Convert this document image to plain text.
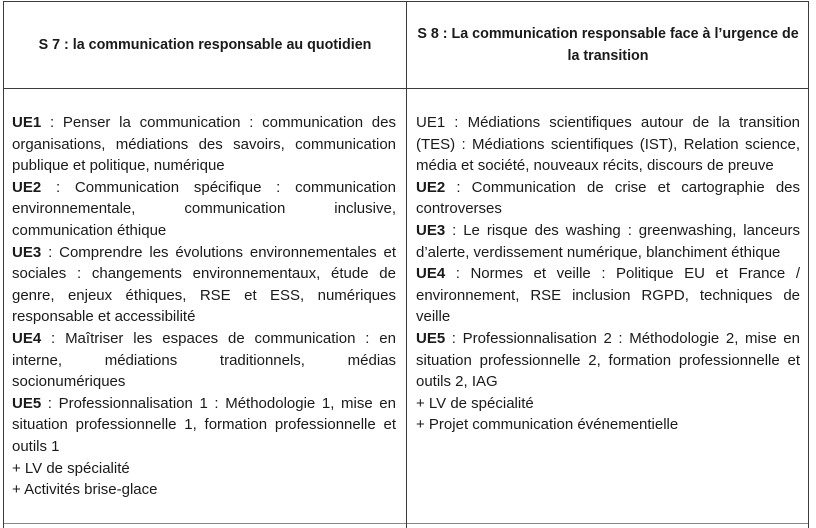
S 7 : la communication responsable au quotidien
S 8 : La communication responsable face à l’urgence de la transition

UE1 : Penser la communication : communication des organisations, médiations des savoirs, communication publique et politique, numérique

UE2 : Communication spécifique : communication environnementale, communication inclusive, communication éthique

UE3 : Comprendre les évolutions environnementales et sociales : changements environnementaux, étude de genre, enjeux éthiques, RSE et ESS, numériques responsable et accessibilité

UE4 : Maîtriser les espaces de communication : en interne, médiations traditionnels, médias socionumériques

UE5 : Professionnalisation 1 : Méthodologie 1, mise en situation professionnelle 1, formation professionnelle et outils 1

+ LV de spécialité

+ Activités brise-glace

UE1 : Médiations scientifiques autour de la transition (TES) : Médiations scientifiques (IST), Relation science, média et société, nouveaux récits, discours de preuve

UE2 : Communication de crise et cartographie des controverses

UE3 : Le risque des washing : greenwashing, lanceurs d’alerte, verdissement numérique, blanchiment éthique

UE4 : Normes et veille : Politique EU et France / environnement, RSE inclusion RGPD, techniques de veille

UE5 : Professionnalisation 2 : Méthodologie 2, mise en situation professionnelle 2, formation professionnelle et outils 2, IAG

+ LV de spécialité

+ Projet communication événementielle
